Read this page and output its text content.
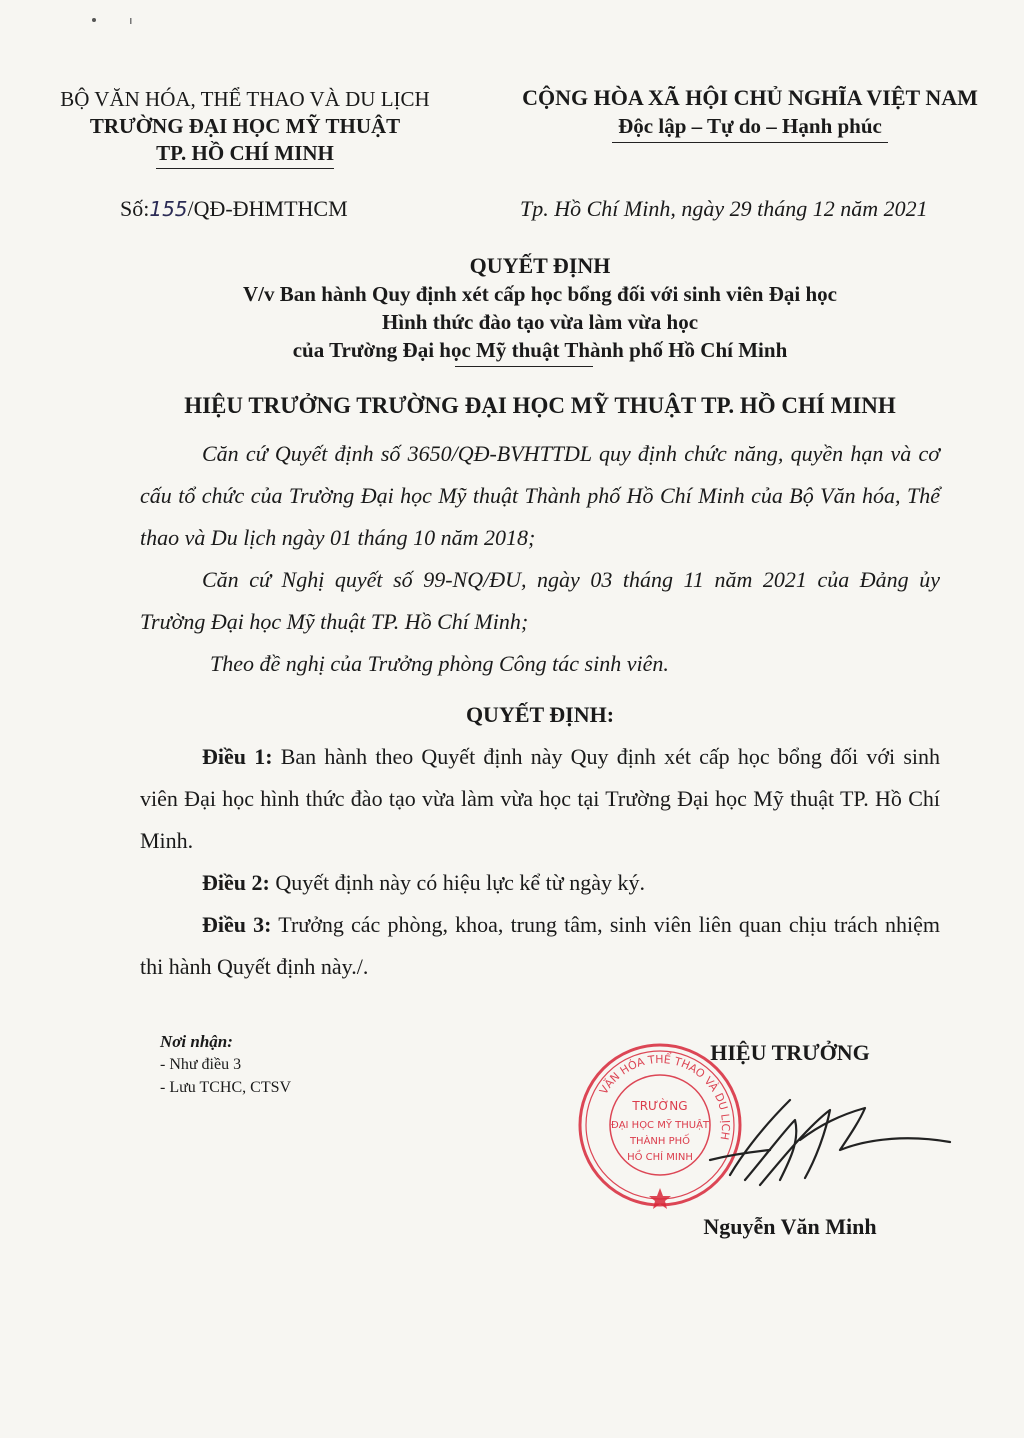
BỘ VĂN HÓA, THỂ THAO VÀ DU LỊCH
TRƯỜNG ĐẠI HỌC MỸ THUẬT
TP. HỒ CHÍ MINH
CỘNG HÒA XÃ HỘI CHỦ NGHĨA VIỆT NAM
Độc lập – Tự do – Hạnh phúc
Số:155/QĐ-ĐHMTHCM	Tp. Hồ Chí Minh, ngày 29 tháng 12 năm 2021
QUYẾT ĐỊNH
V/v Ban hành Quy định xét cấp học bổng đối với sinh viên Đại học
Hình thức đào tạo vừa làm vừa học
của Trường Đại học Mỹ thuật Thành phố Hồ Chí Minh
HIỆU TRƯỞNG TRƯỜNG ĐẠI HỌC MỸ THUẬT TP. HỒ CHÍ MINH

Căn cứ Quyết định số 3650/QĐ-BVHTTDL quy định chức năng, quyền hạn và cơ cấu tổ chức của Trường Đại học Mỹ thuật Thành phố Hồ Chí Minh của Bộ Văn hóa, Thể thao và Du lịch ngày 01 tháng 10 năm 2018;

Căn cứ Nghị quyết số 99-NQ/ĐU, ngày 03 tháng 11 năm 2021 của Đảng ủy Trường Đại học Mỹ thuật TP. Hồ Chí Minh;

Theo đề nghị của Trưởng phòng Công tác sinh viên.

QUYẾT ĐỊNH:

Điều 1: Ban hành theo Quyết định này Quy định xét cấp học bổng đối với sinh viên Đại học hình thức đào tạo vừa làm vừa học tại Trường Đại học Mỹ thuật TP. Hồ Chí Minh.

Điều 2: Quyết định này có hiệu lực kể từ ngày ký.

Điều 3: Trưởng các phòng, khoa, trung tâm, sinh viên liên quan chịu trách nhiệm thi hành Quyết định này./.

Nơi nhận:
- Như điều 3
- Lưu TCHC, CTSV	VĂN HÓA THỂ THAO VÀ DU LỊCH
TRƯỜNG
ĐẠI HỌC MỸ THUẬT
THÀNH PHỐ
HỒ CHÍ MINH
HIỆU TRƯỞNG
Nguyễn Văn Minh
